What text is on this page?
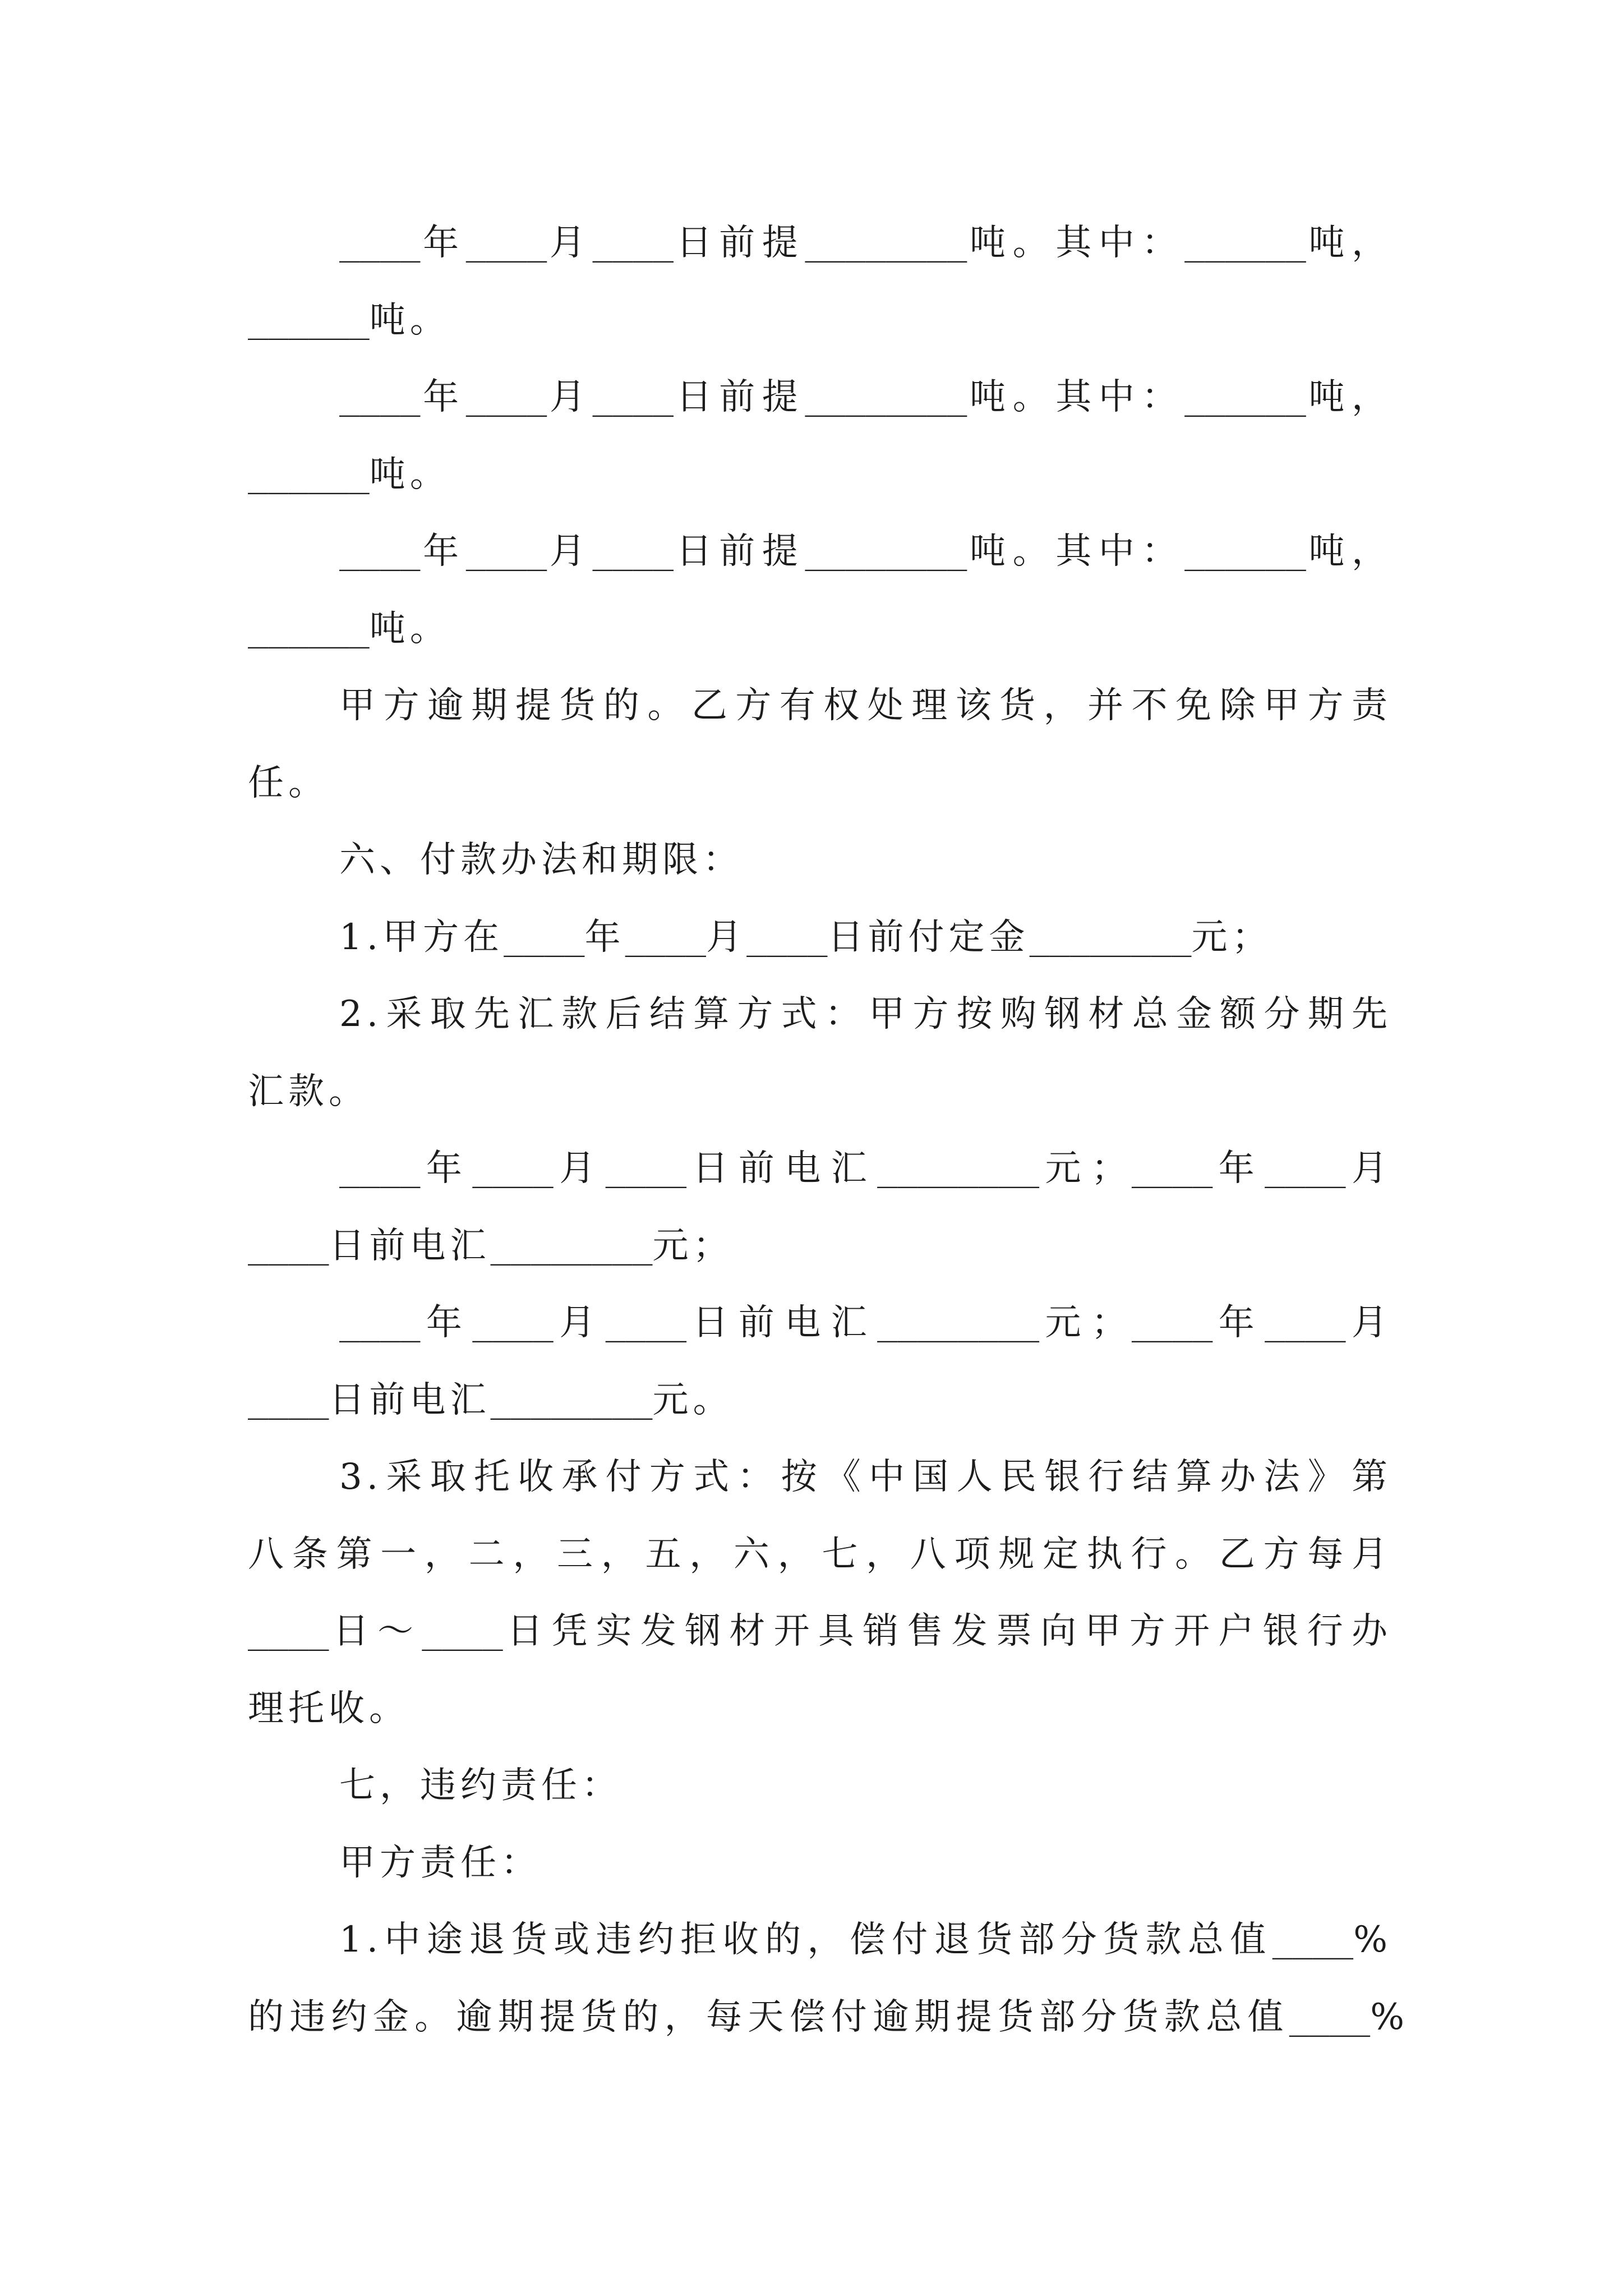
____年____月____日前提________吨。其中：______吨，
______吨。
____年____月____日前提________吨。其中：______吨，
______吨。
____年____月____日前提________吨。其中：______吨，
______吨。
甲方逾期提货的。乙方有权处理该货，并不免除甲方责
任。
六、付款办法和期限：
1.甲方在____年____月____日前付定金________元；
2.采取先汇款后结算方式：甲方按购钢材总金额分期先
汇款。
____年____月____日前电汇________元；____年____月
____日前电汇________元；
____年____月____日前电汇________元；____年____月
____日前电汇________元。
3.采取托收承付方式：按《中国人民银行结算办法》第
八条第一，二，三，五，六，七，八项规定执行。乙方每月
____日～____日凭实发钢材开具销售发票向甲方开户银行办
理托收。
七，违约责任：
甲方责任：
1.中途退货或违约拒收的，偿付退货部分货款总值____%
的违约金。逾期提货的，每天偿付逾期提货部分货款总值____%
